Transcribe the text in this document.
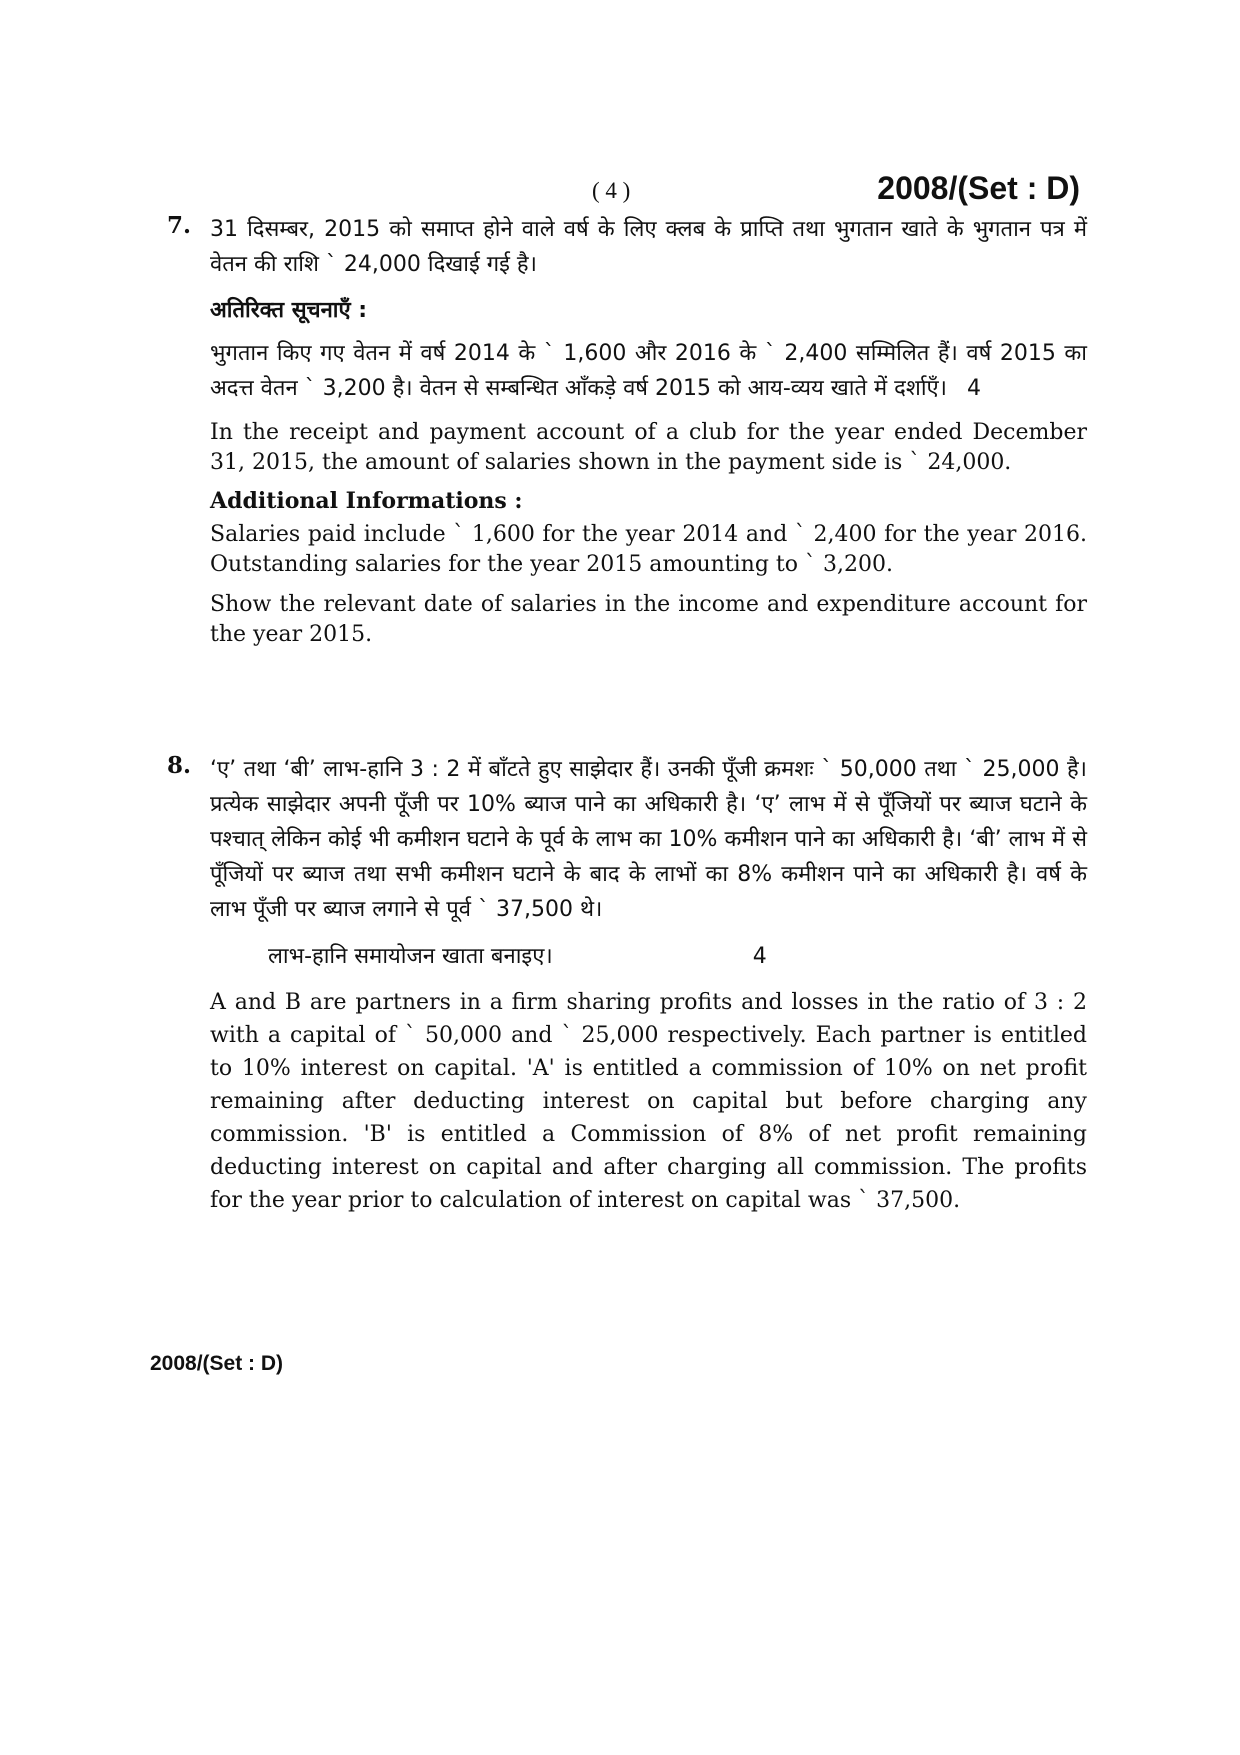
( 4 )	2008/(Set : D)
7. 31 दिसम्बर, 2015 को समाप्त होने वाले वर्ष के लिए क्लब के प्राप्ति तथा भुगतान खाते के भुगतान पत्र में वेतन की राशि ` 24,000 दिखाई गई है।

अतिरिक्त सूचनाएँ :

भुगतान किए गए वेतन में वर्ष 2014 के ` 1,600 और 2016 के ` 2,400 सम्मिलित हैं। वर्ष 2015 का अदत्त वेतन ` 3,200 है। वेतन से सम्बन्धित आँकड़े वर्ष 2015 को आय-व्यय खाते में दर्शाएँ। 4

In the receipt and payment account of a club for the year ended December 31, 2015, the amount of salaries shown in the payment side is ` 24,000.

Additional Informations :

Salaries paid include ` 1,600 for the year 2014 and ` 2,400 for the year 2016. Outstanding salaries for the year 2015 amounting to ` 3,200.

Show the relevant date of salaries in the income and expenditure account for the year 2015.

8. ‘ए’ तथा ‘बी’ लाभ-हानि 3 : 2 में बाँटते हुए साझेदार हैं। उनकी पूँजी क्रमशः ` 50,000 तथा ` 25,000 है। प्रत्येक साझेदार अपनी पूँजी पर 10% ब्याज पाने का अधिकारी है। ‘ए’ लाभ में से पूँजियों पर ब्याज घटाने के पश्चात् लेकिन कोई भी कमीशन घटाने के पूर्व के लाभ का 10% कमीशन पाने का अधिकारी है। ‘बी’ लाभ में से पूँजियों पर ब्याज तथा सभी कमीशन घटाने के बाद के लाभों का 8% कमीशन पाने का अधिकारी है। वर्ष के लाभ पूँजी पर ब्याज लगाने से पूर्व ` 37,500 थे।

लाभ-हानि समायोजन खाता बनाइए।	4

A and B are partners in a firm sharing profits and losses in the ratio of 3 : 2 with a capital of ` 50,000 and ` 25,000 respectively. Each partner is entitled to 10% interest on capital. 'A' is entitled a commission of 10% on net profit remaining after deducting interest on capital but before charging any commission. 'B' is entitled a Commission of 8% of net profit remaining deducting interest on capital and after charging all commission. The profits for the year prior to calculation of interest on capital was ` 37,500.

2008/(Set : D)
